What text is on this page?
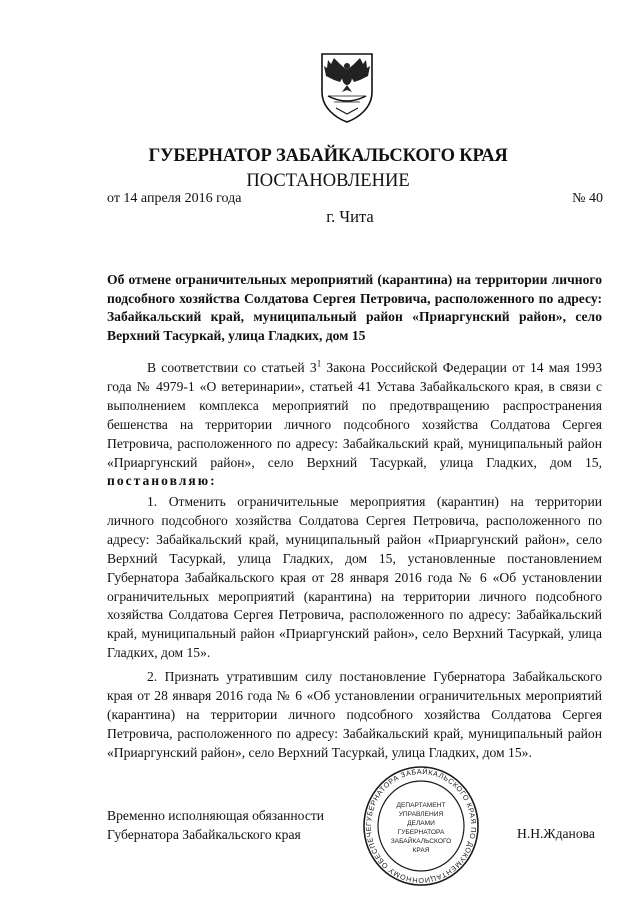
ГУБЕРНАТОР ЗАБАЙКАЛЬСКОГО КРАЯ
ПОСТАНОВЛЕНИЕ
от 14 апреля 2016 года	№ 40
г. Чита
Об отмене ограничительных мероприятий (карантина) на территории личного подсобного хозяйства Солдатова Сергея Петровича, расположенного по адресу: Забайкальский край, муниципальный район «Приаргунский район», село Верхний Тасуркай, улица Гладких, дом 15
В соответствии со статьей $3^1$ Закона Российской Федерации от 14 мая 1993 года № 4979-1 «О ветеринарии», статьей 41 Устава Забайкальского края, в связи с выполнением комплекса мероприятий по предотвращению распространения бешенства на территории личного подсобного хозяйства Солдатова Сергея Петровича, расположенного по адресу: Забайкальский край, муниципальный район «Приаргунский район», село Верхний Тасуркай, улица Гладких, дом 15, постановляю:
1. Отменить ограничительные мероприятия (карантин) на территории личного подсобного хозяйства Солдатова Сергея Петровича, расположенного по адресу: Забайкальский край, муниципальный район «Приаргунский район», село Верхний Тасуркай, улица Гладких, дом 15, установленные постановлением Губернатора Забайкальского края от 28 января 2016 года № 6 «Об установлении ограничительных мероприятий (карантина) на территории личного подсобного хозяйства Солдатова Сергея Петровича, расположенного по адресу: Забайкальский край, муниципальный район «Приаргунский район», село Верхний Тасуркай, улица Гладких, дом 15».
2. Признать утратившим силу постановление Губернатора Забайкальского края от 28 января 2016 года № 6 «Об установлении ограничительных мероприятий (карантина) на территории личного подсобного хозяйства Солдатова Сергея Петровича, расположенного по адресу: Забайкальский край, муниципальный район «Приаргунский район», село Верхний Тасуркай, улица Гладких, дом 15».
Временно исполняющая обязанности
Губернатора Забайкальского края
ГУБЕРНАТОРА ЗАБАЙКАЛЬСКОГО КРАЯ ПО ДОКУМЕНТАЦИОННОМУ ОБЕСПЕЧЕ
ДЕПАРТАМЕНТ
УПРАВЛЕНИЯ
ДЕЛАМИ
ГУБЕРНАТОРА
ЗАБАЙКАЛЬСКОГО
КРАЯ
Н.Н.Жданова
